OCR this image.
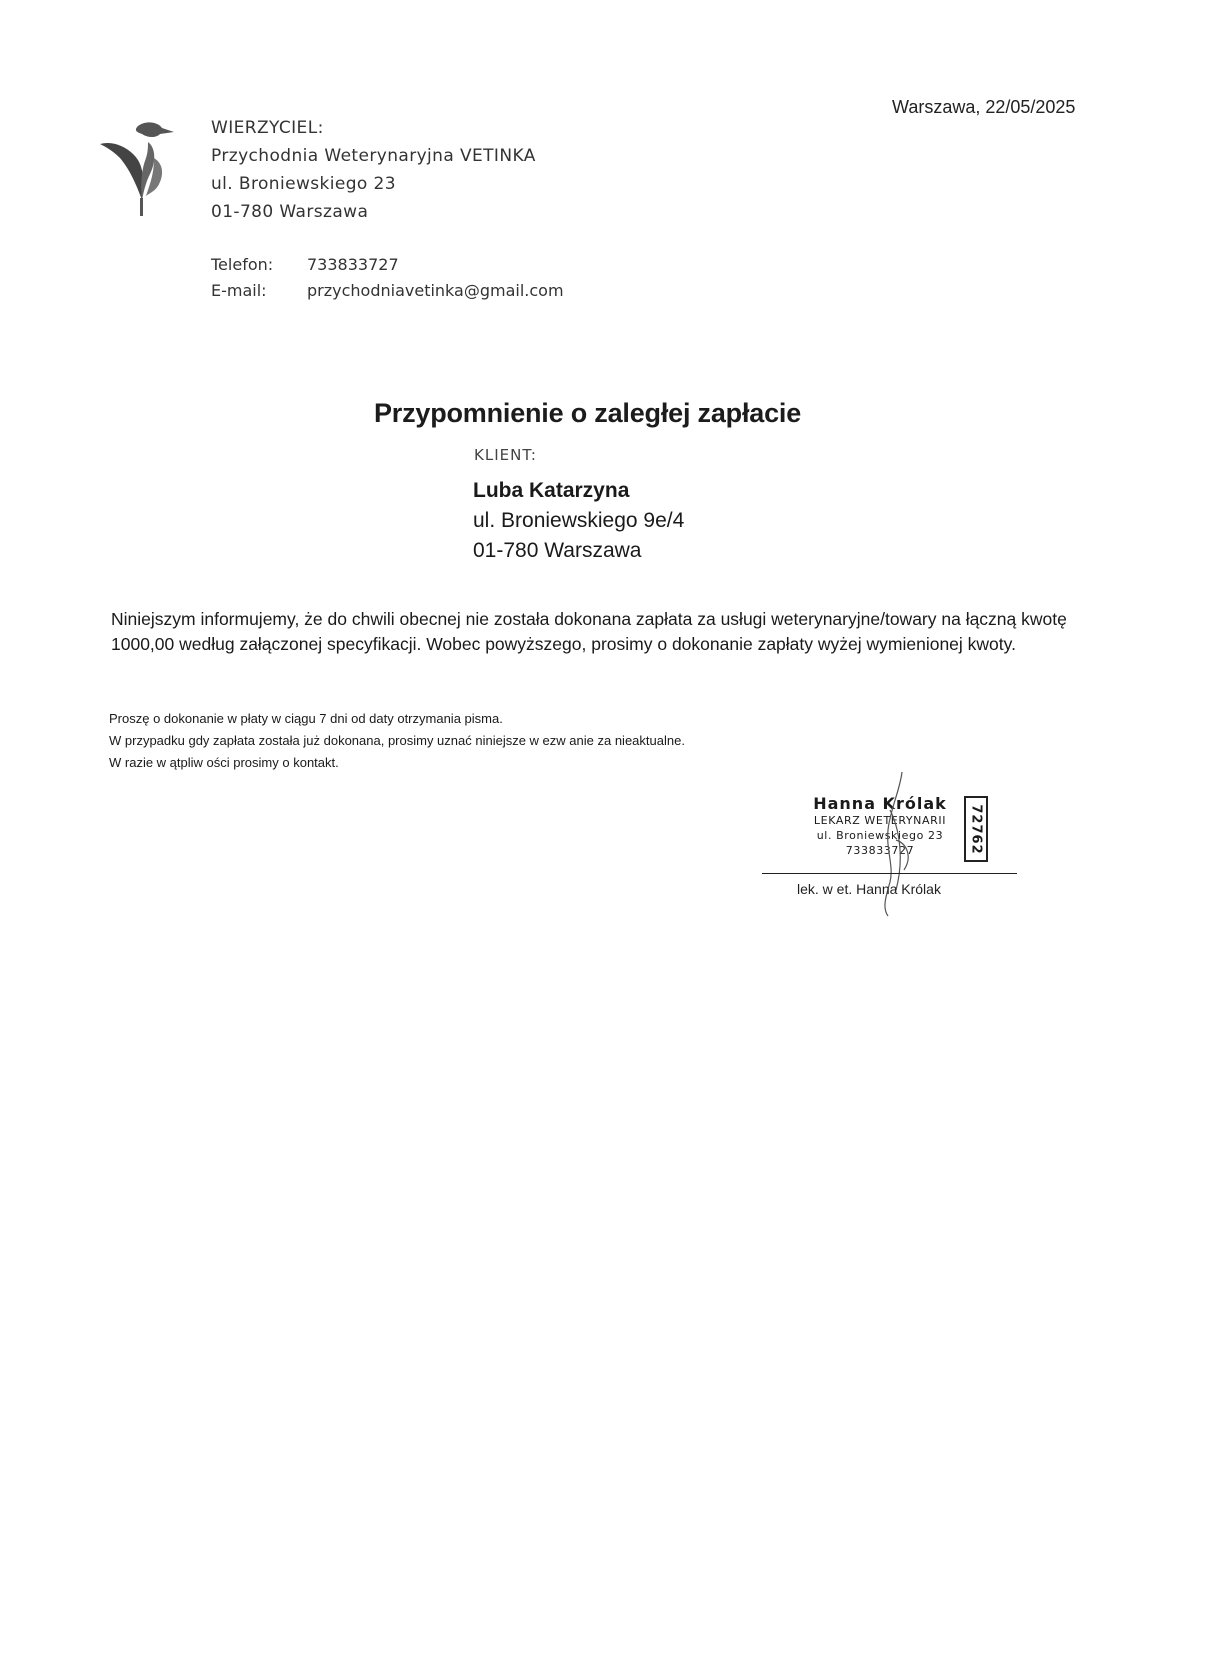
WIERZYCIEL:
Przychodnia Weterynaryjna VETINKA
ul. Broniewskiego 23
01-780 Warszawa
Telefon: 733833727
E-mail:	przychodniavetinka@gmail.com
Warszawa, 22/05/2025
Przypomnienie o zaległej zapłacie
KLIENT:
Luba Katarzyna
ul. Broniewskiego 9e/4
01-780 Warszawa
Niniejszym informujemy, że do chwili obecnej nie została dokonana zapłata za usługi weterynaryjne/towary na łączną kwotę 1000,00 według załączonej specyfikacji. Wobec powyższego, prosimy o dokonanie zapłaty wyżej wymienionej kwoty.
Proszę o dokonanie w płaty w ciągu 7 dni od daty otrzymania pisma.
W przypadku gdy zapłata została już dokonana, prosimy uznać niniejsze w ezw anie za nieaktualne.
W razie w ątpliw ości prosimy o kontakt.
Hanna Królak
LEKARZ WETERYNARII
ul. Broniewskiego 23
733833727	72762
lek. w et. Hanna Królak
